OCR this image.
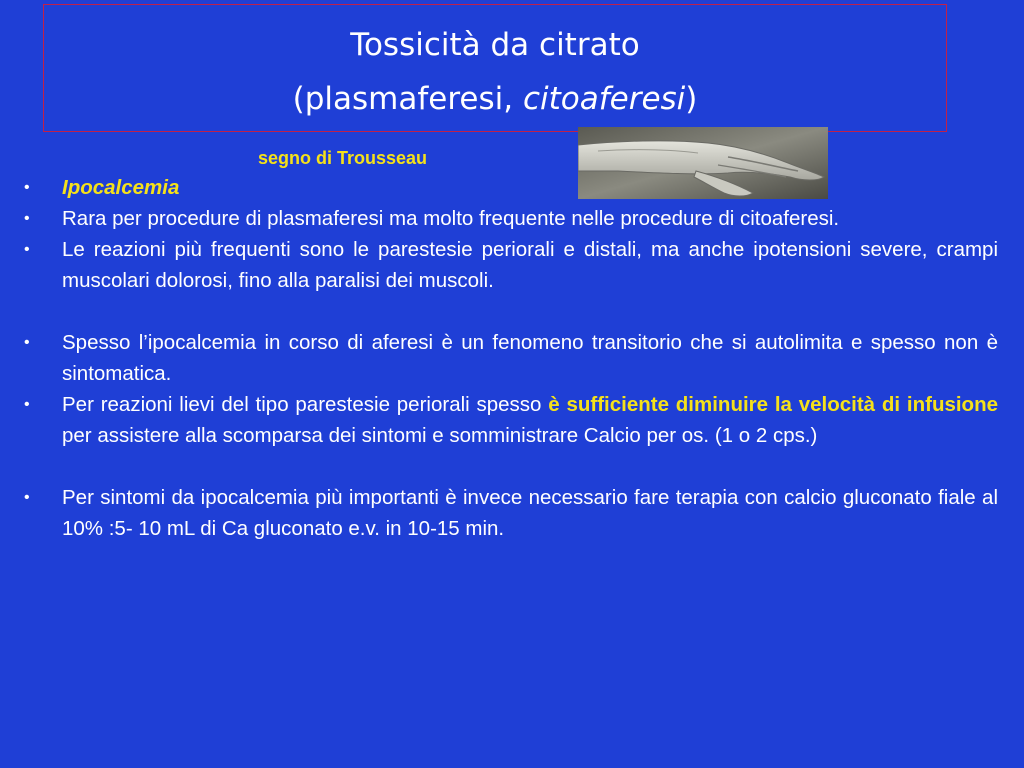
Tossicità da citrato
(plasmaferesi, citoaferesi)
segno di Trousseau
• Ipocalcemia
• Rara per procedure di plasmaferesi ma molto frequente nelle procedure di citoaferesi.
• Le reazioni più frequenti sono le parestesie periorali e distali, ma anche ipotensioni severe, crampi muscolari dolorosi, fino alla paralisi dei muscoli.
• Spesso l’ipocalcemia in corso di aferesi è un fenomeno transitorio che si autolimita e spesso non è sintomatica.
• Per reazioni lievi del tipo parestesie periorali spesso è sufficiente diminuire la velocità di infusione per assistere alla scomparsa dei sintomi e somministrare Calcio per os. (1 o 2 cps.)
• Per sintomi da ipocalcemia più importanti è invece necessario fare terapia con calcio gluconato fiale al 10% :5- 10 mL di Ca gluconato e.v. in 10-15 min.
